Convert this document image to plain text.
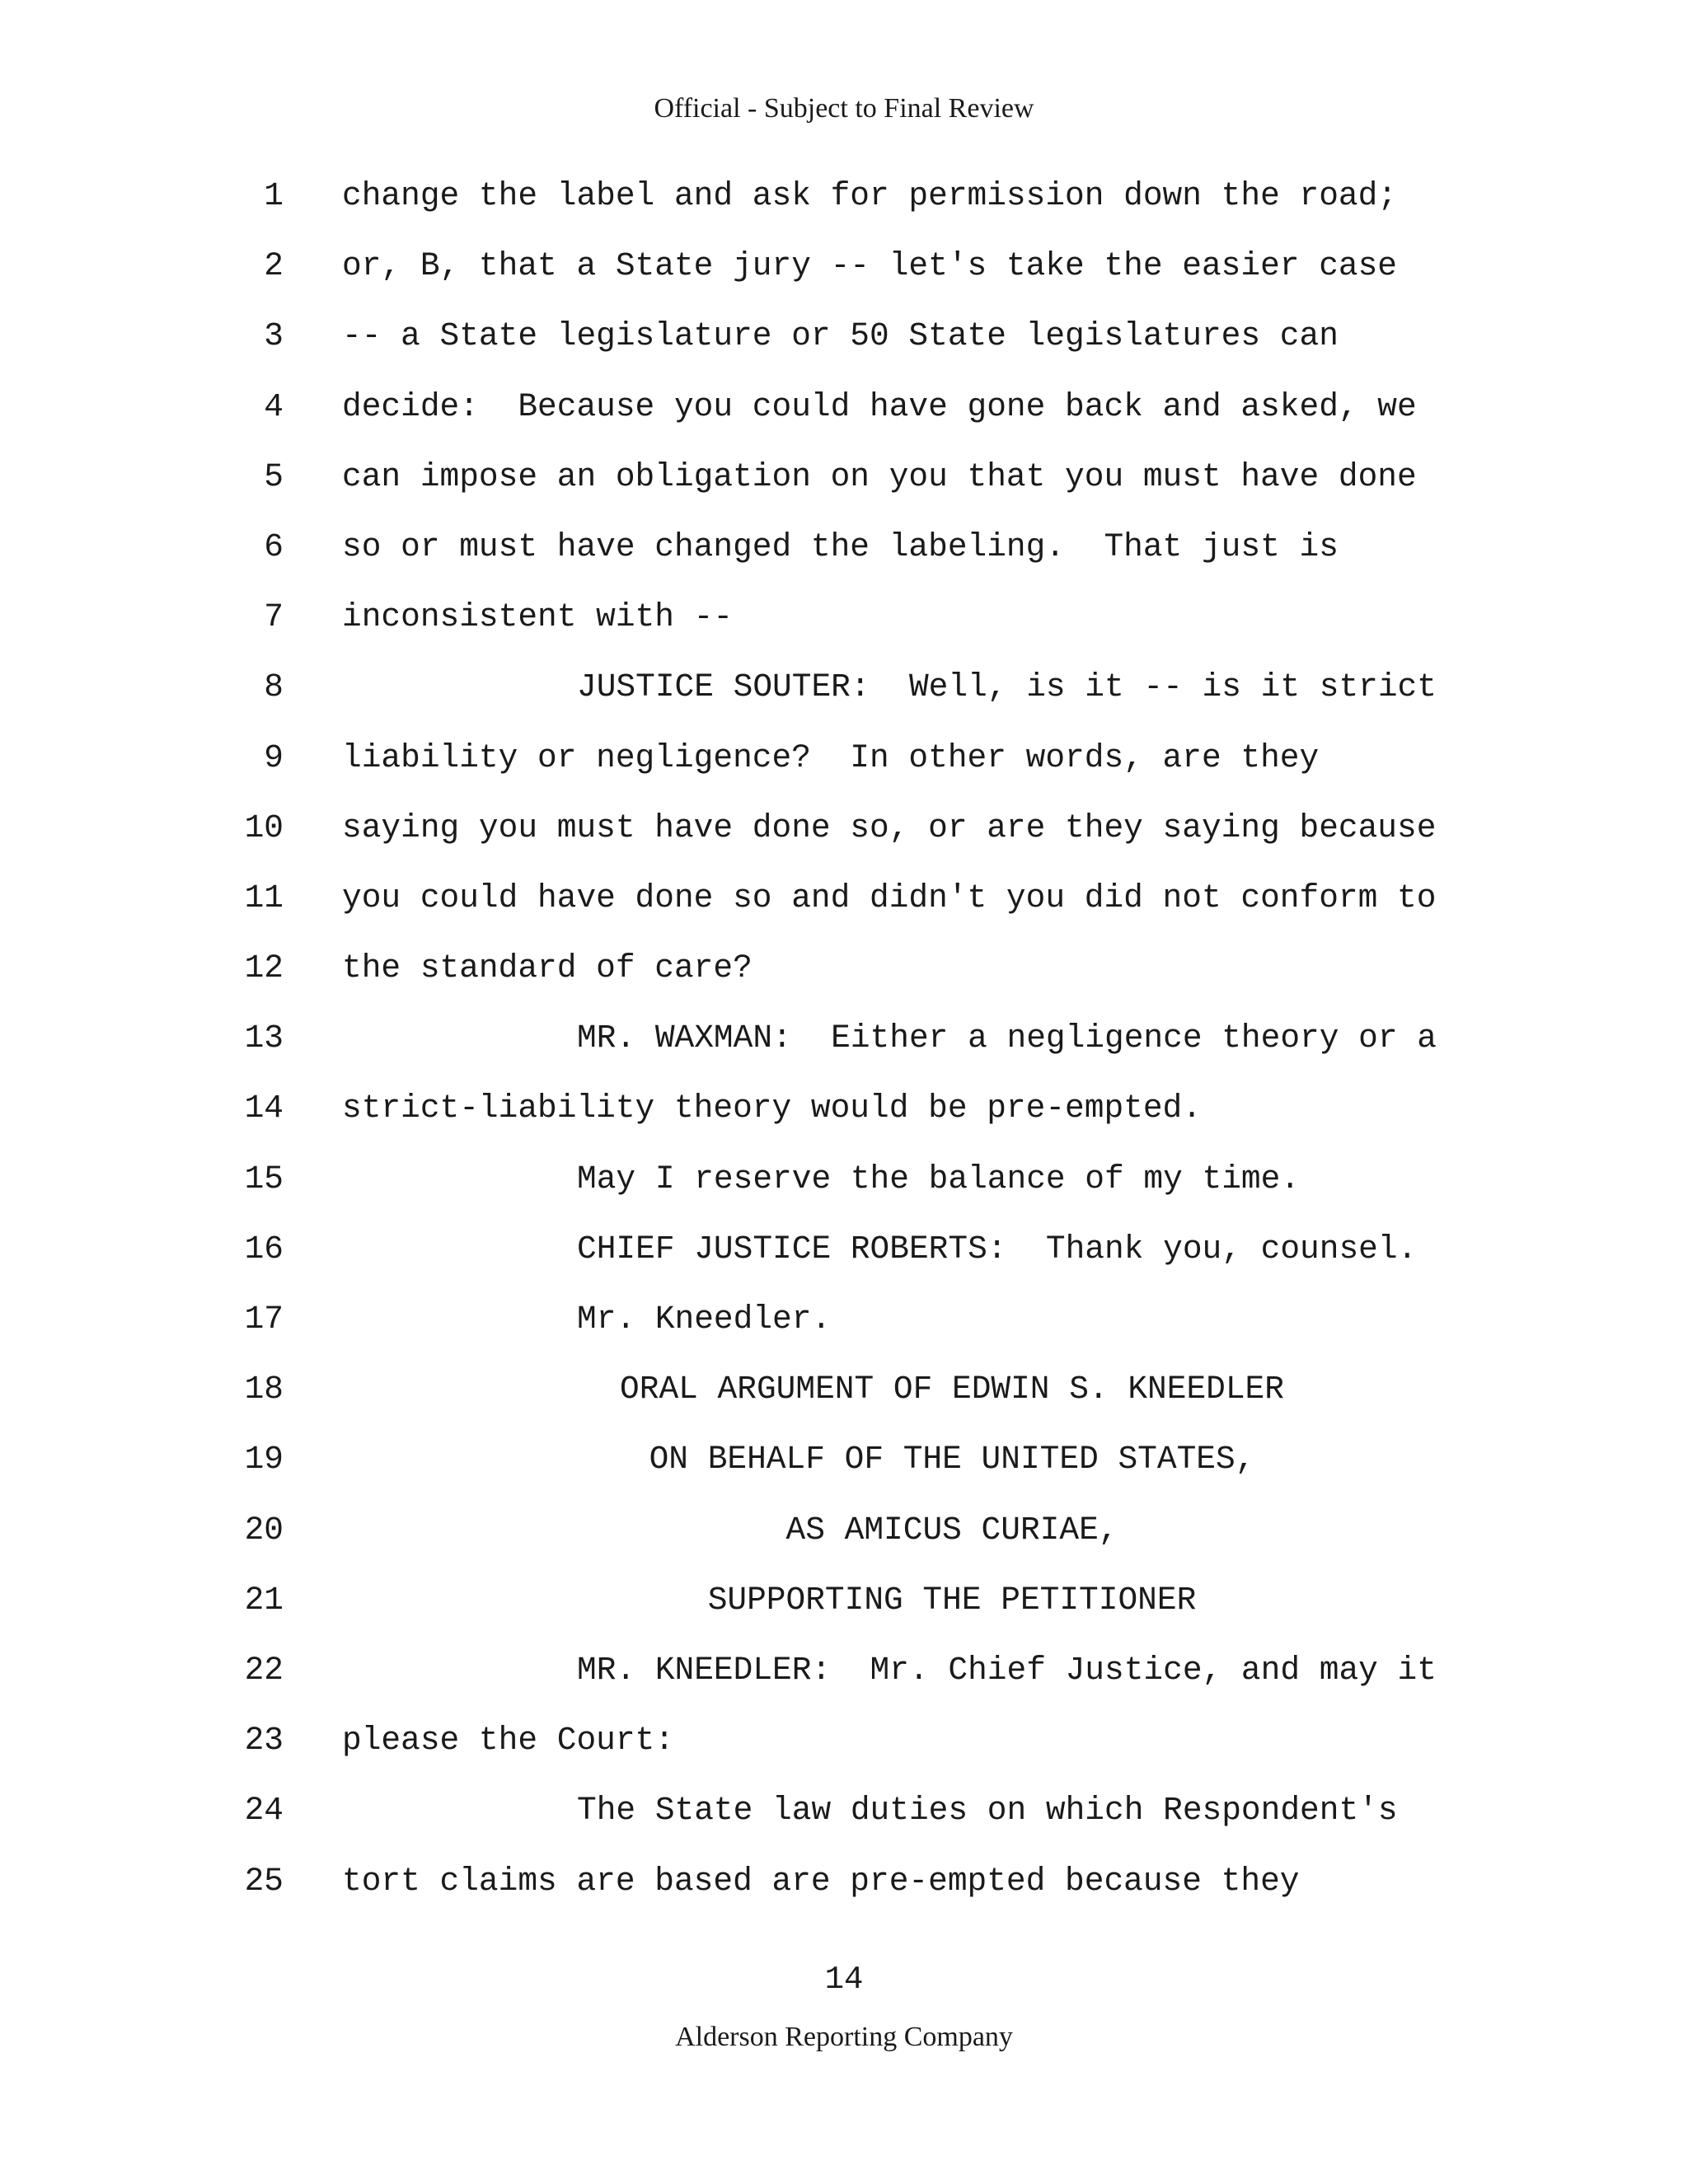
Official - Subject to Final Review
1 change the label and ask for permission down the road;
2 or, B, that a State jury -- let's take the easier case
3 -- a State legislature or 50 State legislatures can
4 decide:  Because you could have gone back and asked, we
5 can impose an obligation on you that you must have done
6 so or must have changed the labeling.  That just is
7 inconsistent with --
8	JUSTICE SOUTER:  Well, is it -- is it strict
9 liability or negligence?  In other words, are they
10 saying you must have done so, or are they saying because
11 you could have done so and didn't you did not conform to
12 the standard of care?
13	MR. WAXMAN:  Either a negligence theory or a
14 strict-liability theory would be pre-empted.
15	May I reserve the balance of my time.
16	CHIEF JUSTICE ROBERTS:  Thank you, counsel.
17	Mr. Kneedler.
18	ORAL ARGUMENT OF EDWIN S. KNEEDLER
19	ON BEHALF OF THE UNITED STATES,
20	AS AMICUS CURIAE,
21	SUPPORTING THE PETITIONER
22	MR. KNEEDLER:  Mr. Chief Justice, and may it
23 please the Court:
24	The State law duties on which Respondent's
25 tort claims are based are pre-empted because they
14
Alderson Reporting Company
